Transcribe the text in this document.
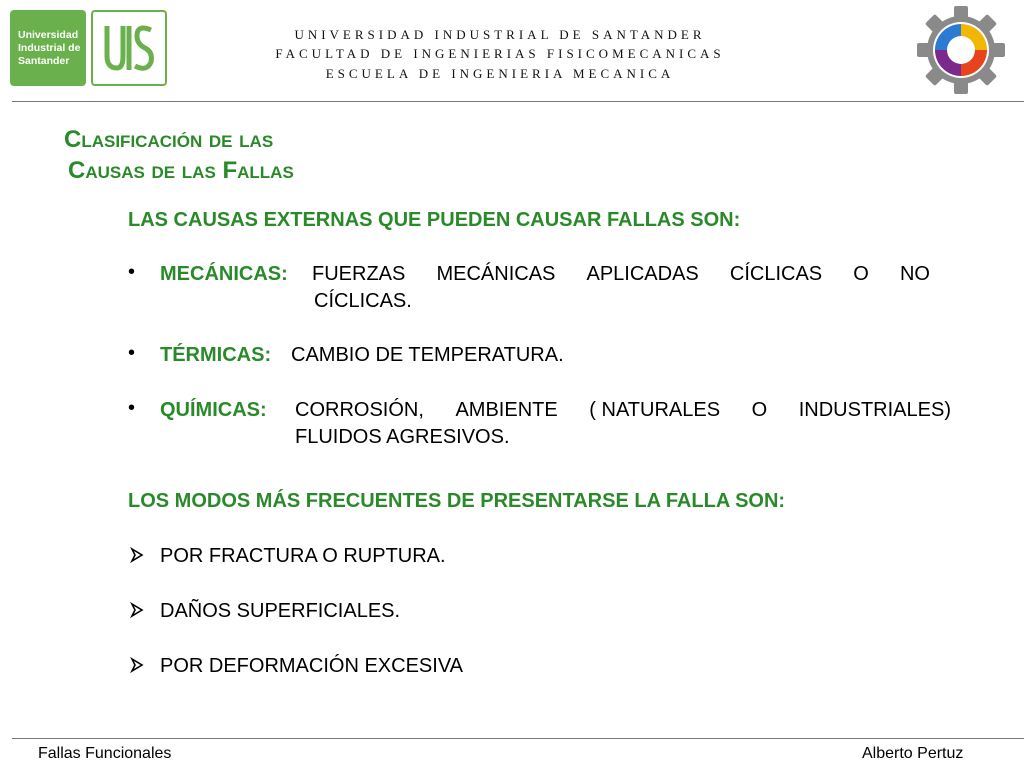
Universidad
Industrial de
Santander
UNIVERSIDAD INDUSTRIAL DE SANTANDER
FACULTAD DE INGENIERIAS FISICOMECANICAS
ESCUELA DE INGENIERIA MECANICA
Clasificación de las
Causas de las Fallas
LAS CAUSAS EXTERNAS QUE PUEDEN CAUSAR FALLAS SON:
• MECÁNICAS: FUERZAS MECÁNICAS APLICADAS CÍCLICAS O NO
CÍCLICAS.
• TÉRMICAS: CAMBIO DE TEMPERATURA.
• QUÍMICAS: CORROSIÓN, AMBIENTE ( NATURALES O INDUSTRIALES)
FLUIDOS AGRESIVOS.
LOS MODOS MÁS FRECUENTES DE PRESENTARSE LA FALLA SON:
POR FRACTURA O RUPTURA.
DAÑOS SUPERFICIALES.
POR DEFORMACIÓN EXCESIVA
Fallas Funcionales	Alberto Pertuz
